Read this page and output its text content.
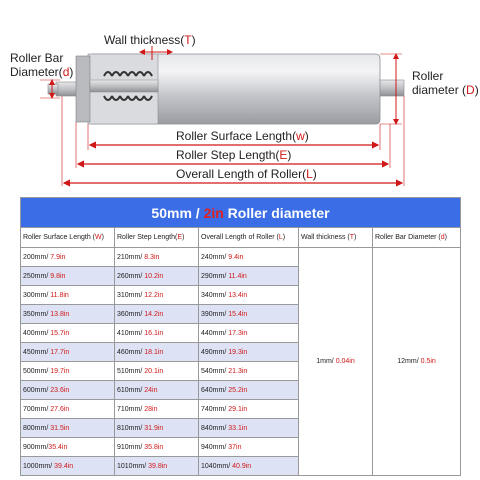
Wall thickness(T)
Roller Bar
Diameter(d)	Roller
diameter (D)
Roller Surface Length(w)
Roller Step Length(E)
Overall Length of Roller(L)
50mm / 2in Roller diameter				
Roller Surface Length (W)	Roller Step Length(E)	Overall Length of Roller (L)	Wall thickness (T)	Roller Bar Diameter (d)
200mm/ 7.9in	210mm/ 8.3in	240mm/ 9.4in	1mm/ 0.04in	12mm/ 0.5in
250mm/ 9.8in	260mm/ 10.2in	290mm/ 11.4in		
300mm/ 11.8in	310mm/ 12.2in	340mm/ 13.4in		
350mm/ 13.8in	360mm/ 14.2in	390mm/ 15.4in		
400mm/ 15.7in	410mm/ 16.1in	440mm/ 17.3in		
450mm/ 17.7in	460mm/ 18.1in	490mm/ 19.3in		
500mm/ 19.7in	510mm/ 20.1in	540mm/ 21.3in		
600mm/ 23.6in	610mm/ 24in	640mm/ 25.2in		
700mm/ 27.6in	710mm/ 28in	740mm/ 29.1in		
800mm/ 31.5in	810mm/ 31.9in	840mm/ 33.1in		
900mm/35.4in	910mm/ 35.8in	940mm/ 37in		
1000mm/ 39.4in	1010mm/ 39.8in	1040mm/ 40.9in		
